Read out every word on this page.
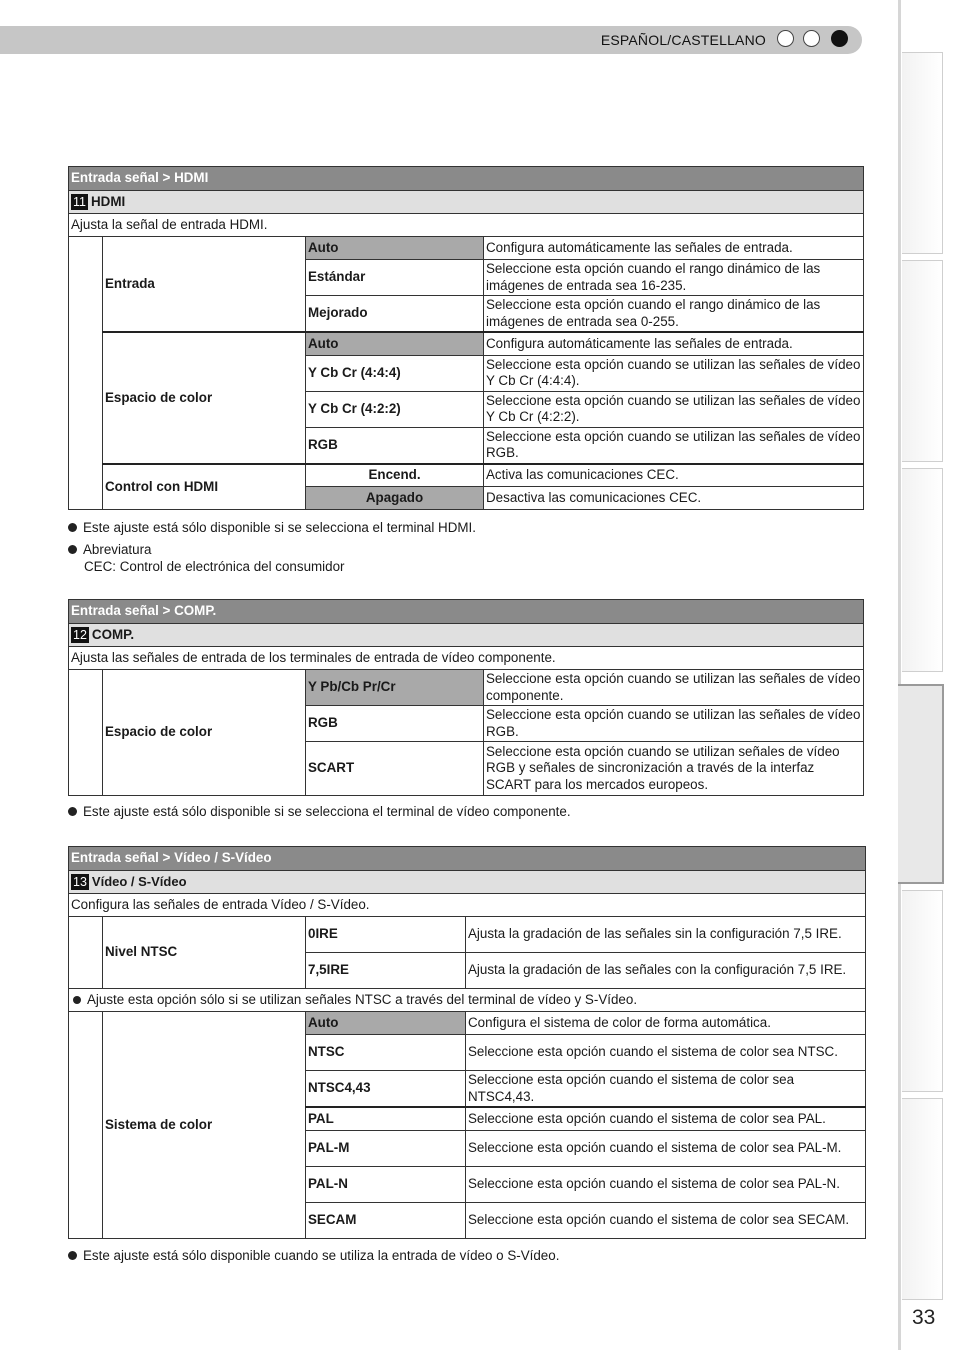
ESPAÑOL/CASTELLANO
33
Entrada señal > HDMI			
11 HDMI			
Ajusta la señal de entrada HDMI.			
	Entrada	Auto	Configura automáticamente las señales de entrada.
		Estándar	Seleccione esta opción cuando el rango dinámico de las imágenes de entrada sea 16-235.
		Mejorado	Seleccione esta opción cuando el rango dinámico de las imágenes de entrada sea 0-255.
	Espacio de color	Auto	Configura automáticamente las señales de entrada.
		Y Cb Cr (4:4:4)	Seleccione esta opción cuando se utilizan las señales de vídeo Y Cb Cr (4:4:4).
		Y Cb Cr (4:2:2)	Seleccione esta opción cuando se utilizan las señales de vídeo Y Cb Cr (4:2:2).
		RGB	Seleccione esta opción cuando se utilizan las señales de vídeo RGB.
	Control con HDMI	Encend.	Activa las comunicaciones CEC.
		Apagado	Desactiva las comunicaciones CEC.
Este ajuste está sólo disponible si se selecciona el terminal HDMI.
Abreviatura
CEC: Control de electrónica del consumidor
Entrada señal > COMP.			
12 COMP.			
Ajusta las señales de entrada de los terminales de entrada de vídeo componente.			
	Espacio de color	Y Pb/Cb Pr/Cr	Seleccione esta opción cuando se utilizan las señales de vídeo componente.
		RGB	Seleccione esta opción cuando se utilizan las señales de vídeo RGB.
		SCART	Seleccione esta opción cuando se utilizan señales de vídeo RGB y señales de sincronización a través de la interfaz SCART para los mercados europeos.
Este ajuste está sólo disponible si se selecciona el terminal de vídeo componente.
Entrada señal > Vídeo / S-Vídeo			
13 Vídeo / S-Vídeo			
Configura las señales de entrada Vídeo / S-Vídeo.			
	Nivel NTSC	0IRE	Ajusta la gradación de las señales sin la configuración 7,5 IRE.
		7,5IRE	Ajusta la gradación de las señales con la configuración 7,5 IRE.
Ajuste esta opción sólo si se utilizan señales NTSC a través del terminal de vídeo y S-Vídeo.			
	Sistema de color	Auto	Configura el sistema de color de forma automática.
		NTSC	Seleccione esta opción cuando el sistema de color sea NTSC.
		NTSC4,43	Seleccione esta opción cuando el sistema de color sea NTSC4,43.
		PAL	Seleccione esta opción cuando el sistema de color sea PAL.
		PAL-M	Seleccione esta opción cuando el sistema de color sea PAL-M.
		PAL-N	Seleccione esta opción cuando el sistema de color sea PAL-N.
		SECAM	Seleccione esta opción cuando el sistema de color sea SECAM.
Este ajuste está sólo disponible cuando se utiliza la entrada de vídeo o S-Vídeo.
